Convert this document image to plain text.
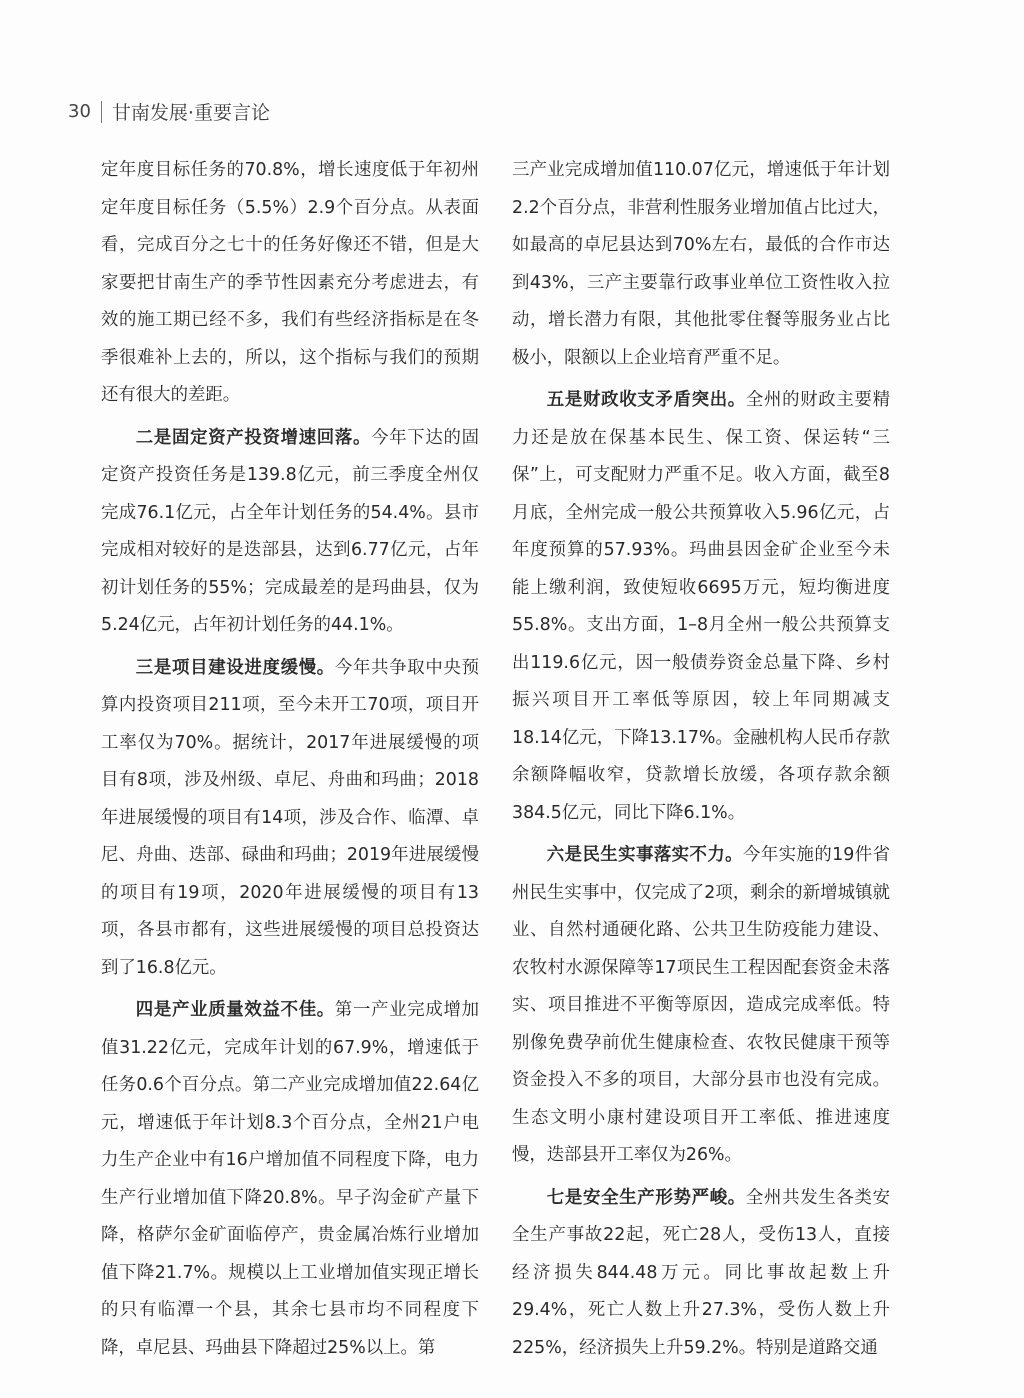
30 甘南发展·重要言论

定年度目标任务的70.8%，增长速度低于年初州定年度目标任务（5.5%）2.9个百分点。从表面看，完成百分之七十的任务好像还不错，但是大家要把甘南生产的季节性因素充分考虑进去，有效的施工期已经不多，我们有些经济指标是在冬季很难补上去的，所以，这个指标与我们的预期还有很大的差距。

二是固定资产投资增速回落。今年下达的固定资产投资任务是139.8亿元，前三季度全州仅完成76.1亿元，占全年计划任务的54.4%。县市完成相对较好的是迭部县，达到6.77亿元，占年初计划任务的55%；完成最差的是玛曲县，仅为5.24亿元，占年初计划任务的44.1%。

三是项目建设进度缓慢。今年共争取中央预算内投资项目211项，至今未开工70项，项目开工率仅为70%。据统计，2017年进展缓慢的项目有8项，涉及州级、卓尼、舟曲和玛曲；2018年进展缓慢的项目有14项，涉及合作、临潭、卓尼、舟曲、迭部、碌曲和玛曲；2019年进展缓慢的项目有19项，2020年进展缓慢的项目有13项，各县市都有，这些进展缓慢的项目总投资达到了16.8亿元。

四是产业质量效益不佳。第一产业完成增加值31.22亿元，完成年计划的67.9%，增速低于任务0.6个百分点。第二产业完成增加值22.64亿元，增速低于年计划8.3个百分点，全州21户电力生产企业中有16户增加值不同程度下降，电力生产行业增加值下降20.8%。早子沟金矿产量下降，格萨尔金矿面临停产，贵金属冶炼行业增加值下降21.7%。规模以上工业增加值实现正增长的只有临潭一个县，其余七县市均不同程度下降，卓尼县、玛曲县下降超过25%以上。第

三产业完成增加值110.07亿元，增速低于年计划2.2个百分点，非营利性服务业增加值占比过大，如最高的卓尼县达到70%左右，最低的合作市达到43%，三产主要靠行政事业单位工资性收入拉动，增长潜力有限，其他批零住餐等服务业占比极小，限额以上企业培育严重不足。

五是财政收支矛盾突出。全州的财政主要精力还是放在保基本民生、保工资、保运转“三保”上，可支配财力严重不足。收入方面，截至8月底，全州完成一般公共预算收入5.96亿元，占年度预算的57.93%。玛曲县因金矿企业至今未能上缴利润，致使短收6695万元，短均衡进度55.8%。支出方面，1–8月全州一般公共预算支出119.6亿元，因一般债券资金总量下降、乡村振兴项目开工率低等原因，较上年同期减支18.14亿元，下降13.17%。金融机构人民币存款余额降幅收窄，贷款增长放缓，各项存款余额384.5亿元，同比下降6.1%。

六是民生实事落实不力。今年实施的19件省州民生实事中，仅完成了2项，剩余的新增城镇就业、自然村通硬化路、公共卫生防疫能力建设、农牧村水源保障等17项民生工程因配套资金未落实、项目推进不平衡等原因，造成完成率低。特别像免费孕前优生健康检查、农牧民健康干预等资金投入不多的项目，大部分县市也没有完成。生态文明小康村建设项目开工率低、推进速度慢，迭部县开工率仅为26%。

七是安全生产形势严峻。全州共发生各类安全生产事故22起，死亡28人，受伤13人，直接经济损失844.48万元。同比事故起数上升29.4%，死亡人数上升27.3%，受伤人数上升225%，经济损失上升59.2%。特别是道路交通
